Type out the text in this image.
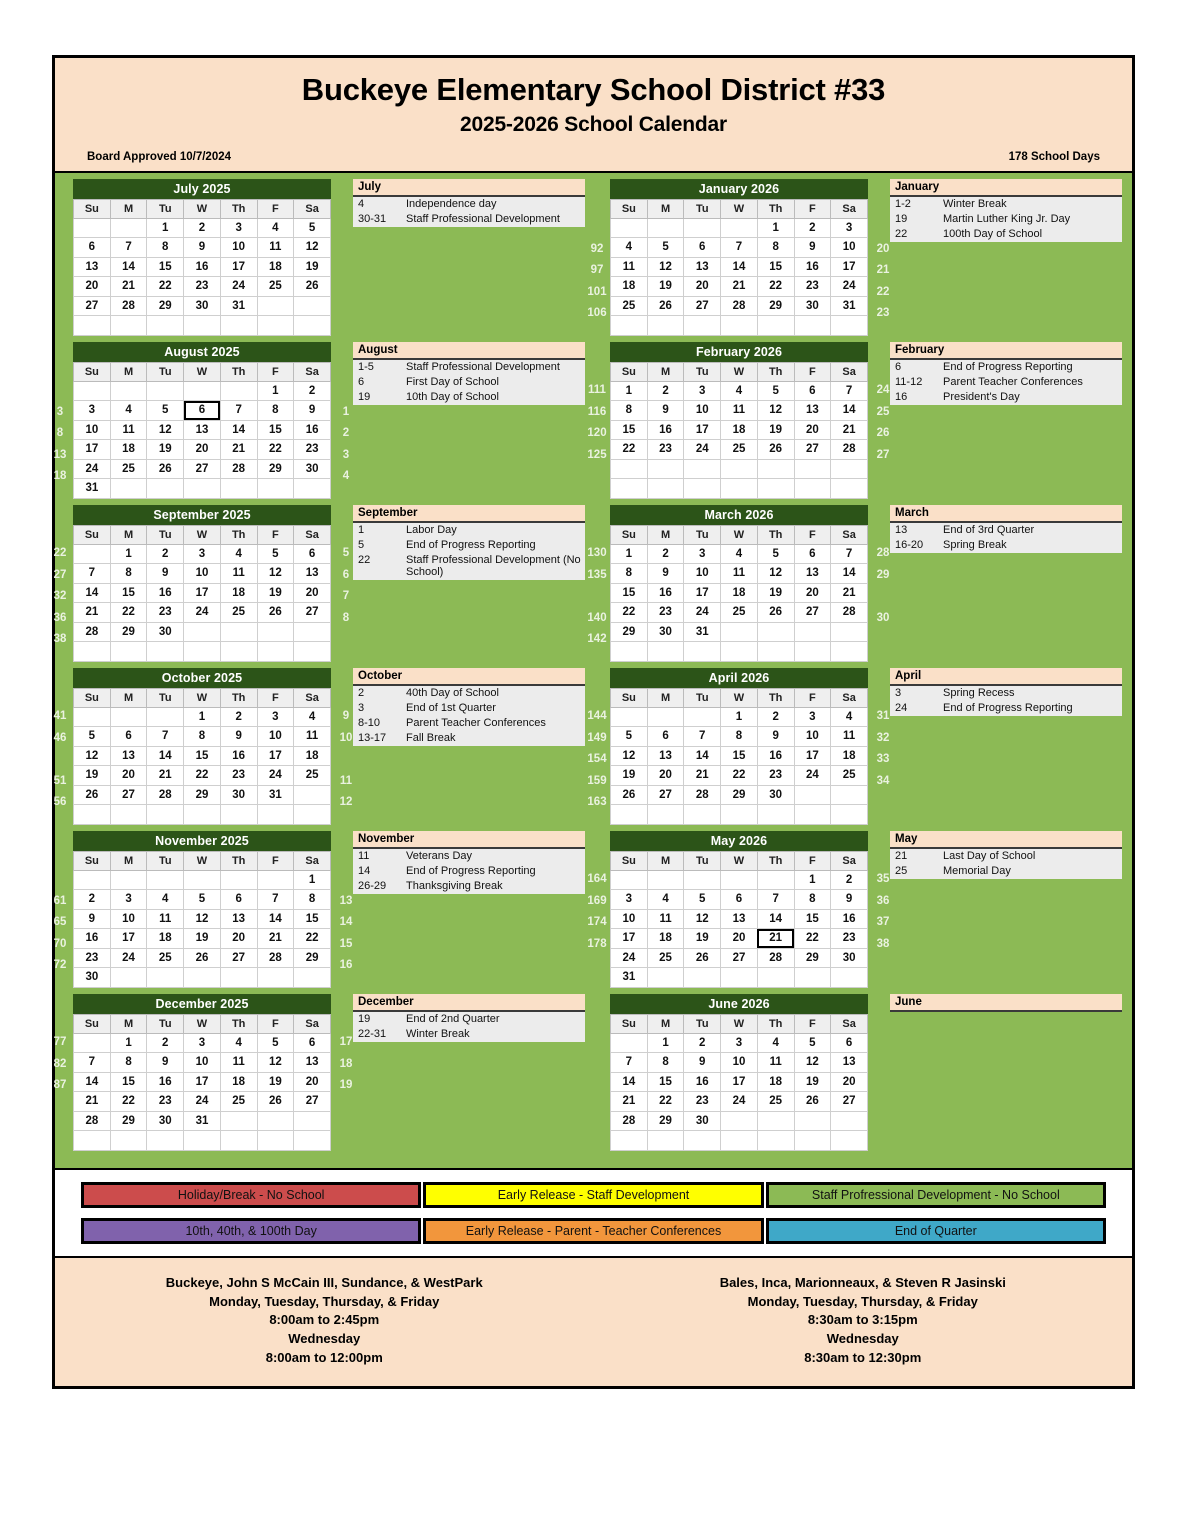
Buckeye Elementary School District #33
2025-2026 School Calendar
Board Approved 10/7/2024	178 School Days
July 2025
Su	M	Tu	W	Th	F	Sa
		1	2	3	4	5
6	7	8	9	10	11	12
13	14	15	16	17	18	19
20	21	22	23	24	25	26
27	28	29	30	31		

July
4	Independence day
30-31	Staff Professional Development
January 2026
Su	M	Tu	W	Th	F	Sa
				1	2	3
4	5	6	7	8	9	10
11	12	13	14	15	16	17
18	19	20	21	22	23	24
25	26	27	28	29	30	31

92
97
101
106
20
21
22
23
January
1-2	Winter Break
19	Martin Luther King Jr. Day
22	100th Day of School
August 2025
Su	M	Tu	W	Th	F	Sa
					1	2
3	4	5	6	7	8	9
10	11	12	13	14	15	16
17	18	19	20	21	22	23
24	25	26	27	28	29	30
31						
3
8
13
18
1
2
3
4
August
1-5	Staff Professional Development
6	First Day of School
19	10th Day of School
February 2026
Su	M	Tu	W	Th	F	Sa
1	2	3	4	5	6	7
8	9	10	11	12	13	14
15	16	17	18	19	20	21
22	23	24	25	26	27	28

111
116
120
125
24
25
26
27
February
6	End of Progress Reporting
11-12	Parent Teacher Conferences
16	President's Day
September 2025
Su	M	Tu	W	Th	F	Sa
	1	2	3	4	5	6
7	8	9	10	11	12	13
14	15	16	17	18	19	20
21	22	23	24	25	26	27
28	29	30				

22
27
32
36
38
5
6
7
8
September
1	Labor Day
5	End of Progress Reporting
22	Staff Professional Development (No School)
March 2026
Su	M	Tu	W	Th	F	Sa
1	2	3	4	5	6	7
8	9	10	11	12	13	14
15	16	17	18	19	20	21
22	23	24	25	26	27	28
29	30	31				

130
135
140
142
28
29
30
March
13	End of 3rd Quarter
16-20	Spring Break
October 2025
Su	M	Tu	W	Th	F	Sa
			1	2	3	4
5	6	7	8	9	10	11
12	13	14	15	16	17	18
19	20	21	22	23	24	25
26	27	28	29	30	31	

41
46
51
56
9
10
11
12
October
2	40th Day of School
3	End of 1st Quarter
8-10	Parent Teacher Conferences
13-17	Fall Break
April 2026
Su	M	Tu	W	Th	F	Sa
			1	2	3	4
5	6	7	8	9	10	11
12	13	14	15	16	17	18
19	20	21	22	23	24	25
26	27	28	29	30		

144
149
154
159
163
31
32
33
34
April
3	Spring Recess
24	End of Progress Reporting
November 2025
Su	M	Tu	W	Th	F	Sa
						1
2	3	4	5	6	7	8
9	10	11	12	13	14	15
16	17	18	19	20	21	22
23	24	25	26	27	28	29
30						
61
65
70
72
13
14
15
16
November
11	Veterans Day
14	End of Progress Reporting
26-29	Thanksgiving Break
May 2026
Su	M	Tu	W	Th	F	Sa
					1	2
3	4	5	6	7	8	9
10	11	12	13	14	15	16
17	18	19	20	21	22	23
24	25	26	27	28	29	30
31						
164
169
174
178
35
36
37
38
May
21	Last Day of School
25	Memorial Day
December 2025
Su	M	Tu	W	Th	F	Sa
	1	2	3	4	5	6
7	8	9	10	11	12	13
14	15	16	17	18	19	20
21	22	23	24	25	26	27
28	29	30	31			

77
82
87
17
18
19
December
19	End of 2nd Quarter
22-31	Winter Break
June 2026
Su	M	Tu	W	Th	F	Sa
	1	2	3	4	5	6
7	8	9	10	11	12	13
14	15	16	17	18	19	20
21	22	23	24	25	26	27
28	29	30				

June
Holiday/Break - No School	Early Release - Staff Development	Staff Profressional Development - No School
10th, 40th, & 100th Day	Early Release - Parent - Teacher Conferences	End of Quarter
Buckeye, John S McCain III, Sundance, & WestPark
Monday, Tuesday, Thursday, & Friday
8:00am to 2:45pm
Wednesday
8:00am to 12:00pm
Bales, Inca, Marionneaux, & Steven R Jasinski
Monday, Tuesday, Thursday, & Friday
8:30am to 3:15pm
Wednesday
8:30am to 12:30pm
